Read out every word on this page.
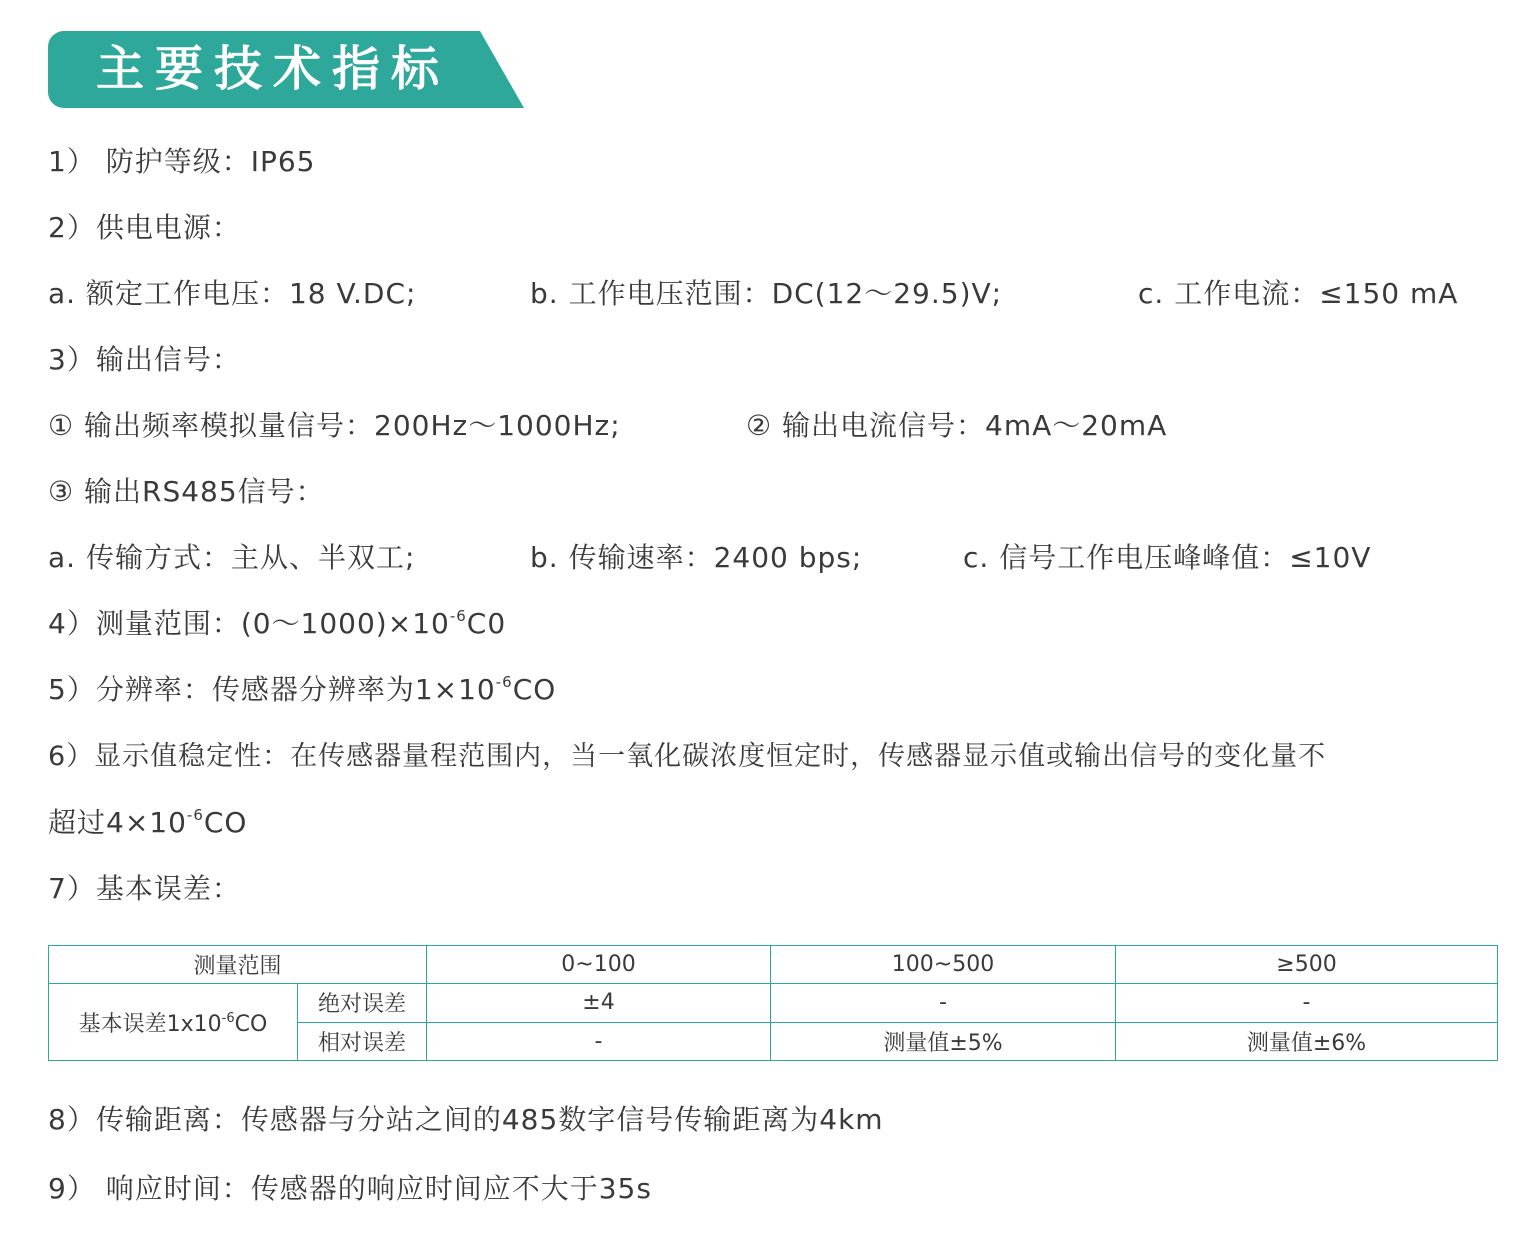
主要技术指标
1） 防护等级：IP65
2）供电电源：
a. 额定工作电压：18 V.DC;	b. 工作电压范围：DC(12～29.5)V;	c. 工作电流：≤150 mA
3）输出信号：
① 输出频率模拟量信号：200Hz～1000Hz;	② 输出电流信号：4mA～20mA
③ 输出RS485信号：
a. 传输方式：主从、半双工;	b. 传输速率：2400 bps;	c. 信号工作电压峰峰值：≤10V
4）测量范围：$(0\sim 1000)\times 10^{-6}C0$
5）分辨率：传感器分辨率为$1\times 10^{-6}CO$
6）显示值稳定性：在传感器量程范围内，当一氧化碳浓度恒定时，传感器显示值或输出信号的变化量不
超过$4\times 10^{-6}CO$
7）基本误差：
测量范围		0~100	100~500	≥500
基本误差$1x10^{-6}CO$	绝对误差	±4	-	-
	相对误差	-	测量值±5%	测量值±6%
8）传输距离：传感器与分站之间的485数字信号传输距离为4km
9） 响应时间：传感器的响应时间应不大于35s
